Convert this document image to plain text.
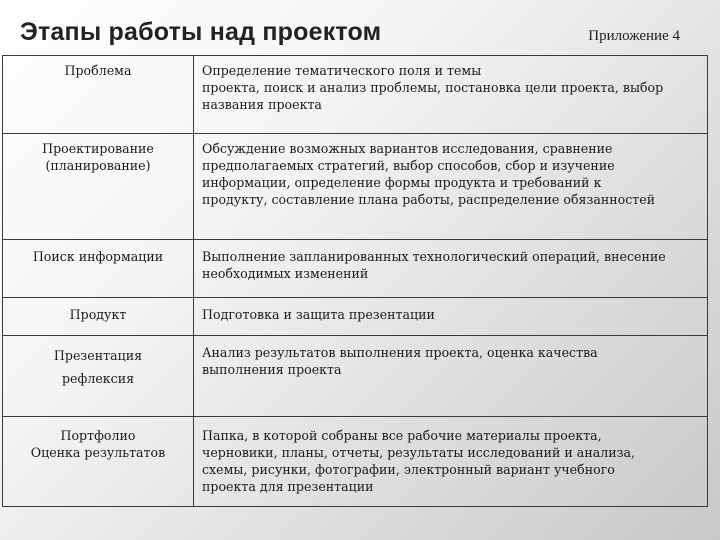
Этапы работы над проектом	Приложение 4
Проблема	Определение тематического поля и темы
проекта, поиск и анализ проблемы, постановка цели проекта, выбор
названия проекта

Проектирование
(планирование)	Обсуждение возможных вариантов исследования, сравнение
предполагаемых стратегий, выбор способов, сбор и изучение
информации, определение формы продукта и требований к
продукту, составление плана работы, распределение обязанностей

Поиск информации	Выполнение запланированных технологический операций, внесение
необходимых изменений

Продукт	Подготовка и защита презентации

Презентация
рефлексия	Анализ результатов выполнения проекта, оценка качества
выполнения проекта

Портфолио
Оценка результатов	Папка, в которой собраны все рабочие материалы проекта,
черновики, планы, отчеты, результаты исследований и анализа,
схемы, рисунки, фотографии, электронный вариант учебного
проекта для презентации
